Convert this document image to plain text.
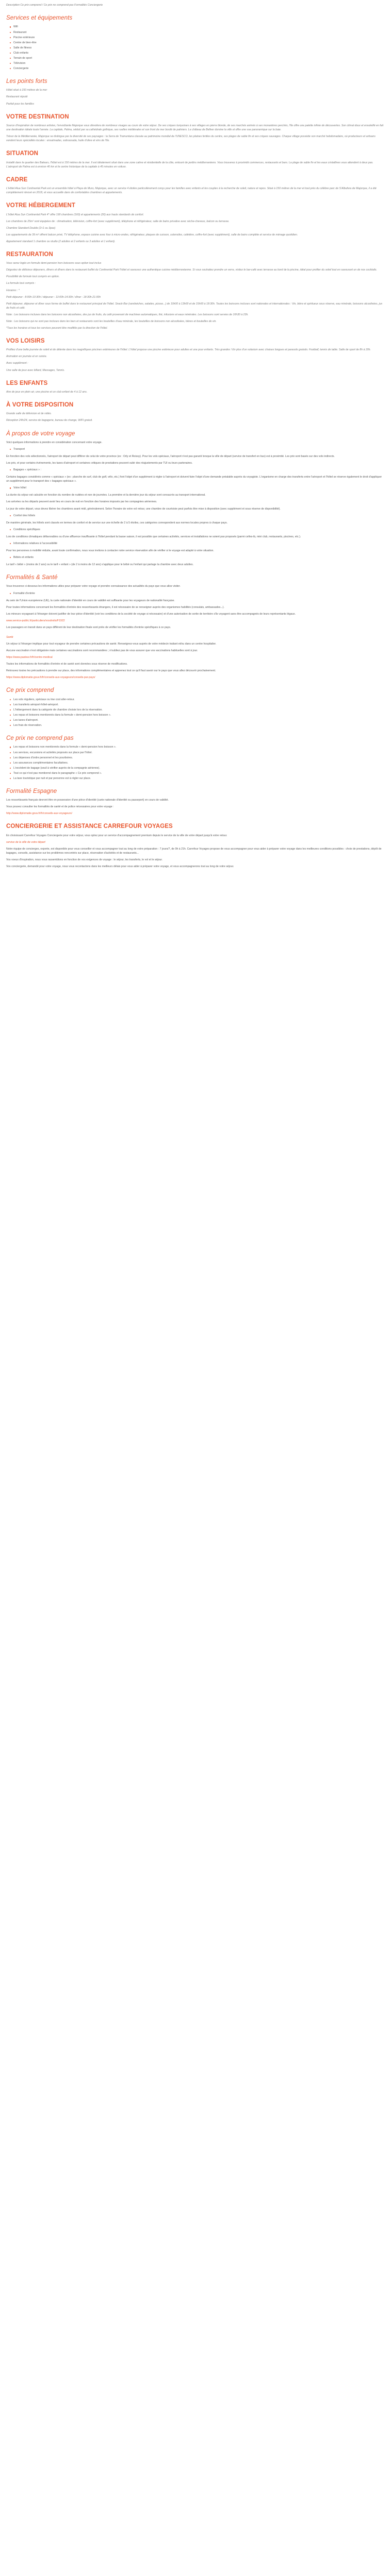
Description Ce prix comprend / Ce prix ne comprend pas Formalités Conciergerie

Services et équipements
Wifi
Restaurant
Piscine extérieure
Centre de bien-être
Salle de fitness
Club enfants
Terrain de sport
Télévision
Conciergerie
Les points forts

Hôtel situé à 150 mètres de la mer

Restaurant réputé

Parfait pour les familles

VOTRE DESTINATION

Source d'inspiration de nombreux artistes, l'envoûtante Majorque vous dévoilera de nombreux visages au cours de votre séjour. De ses criques turquoises à ses villages en pierre blonde, de ses marchés animés à ses monastères perchés, l'île offre une palette infinie de découvertes. Son climat doux et ensoleillé en fait une destination idéale toute l'année. La capitale, Palma, séduit par sa cathédrale gothique, ses ruelles médiévales et son front de mer bordé de palmiers. Le château de Bellver domine la ville et offre une vue panoramique sur la baie.

Trésor de la Méditerranée, Majorque se distingue par la diversité de ses paysages : la Serra de Tramuntana classée au patrimoine mondial de l'UNESCO, les plaines fertiles du centre, ses plages de sable fin et ses criques sauvages. Chaque village possède son marché hebdomadaire, où producteurs et artisans vendent leurs spécialités locales : ensaïmadas, sobrassada, huile d'olive et vins de l'île.

SITUATION

Installé dans le quartier des Balears, l'hôtel est à 150 mètres de la mer. Il est idéalement situé dans une zone calme et résidentielle de la côte, entouré de jardins méditerranéens. Vous trouverez à proximité commerces, restaurants et bars. La plage de sable fin et les eaux cristallines vous attendent à deux pas. L'aéroport de Palma est à environ 40 km et le centre historique de la capitale à 45 minutes en voiture.

CADRE

L'Hôtel Alua Sun Continental Park est un ensemble hôtel à Playa de Muro, Majorque, avec un service 4 étoiles particulièrement conçu pour les familles avec enfants et les couples à la recherche de soleil, nature et repos. Situé à 150 mètres de la mer et tout près du célèbre parc de S'Albufera de Majorque, il a été complètement rénové en 2018, et vous accueille dans de confortables chambres et appartements.

VOTRE HÉBERGEMENT

L'hôtel Alua Sun Continental Park 4* offre 190 chambres (160) et appartements (30) aux hauts standards de confort.

Les chambres de 25m² sont équipées de : climatisation, télévision, coffre-fort (avec supplément), téléphone et réfrigérateur, salle de bains privative avec sèche-cheveux, balcon ou terrasse.

Chambre Standard Double (2+1 ou 3pax)

Les appartements de 39 m² offrent balcon privé, TV téléphone, espace cuisine avec four à micro-ondes, réfrigérateur, plaques de cuisson, ustensiles, cafetière, coffre-fort (avec supplément), salle de bains complète et service de ménage quotidien.

Appartement standard 1 chambre ou studio (2 adultes et 2 enfants ou 3 adultes et 1 enfant).

RESTAURATION

Vous serez logés en formule demi-pension hors boissons sous option tout inclus

Dégustez de délicieux déjeuners, dîners et dîners dans le restaurant buffet du Continental Park l'hôtel et savourez une authentique cuisine méditerranéenne. Si vous souhaitez prendre un verre, visitez le bar-café avec terrasse au bord de la piscine, idéal pour profiter du soleil tout en savourant un de nos cocktails.

Possibilité de formule tout compris en option.

La formule tout compris :

Horaires : *

Petit déjeuner : 8:00h-10:30h / déjeuner : 13:00h-14:30h / dîner : 18:30h-21:00h

Petit déjeuner, déjeuner et dîner sous forme de buffet dans le restaurant principal de l'hôtel. Snack-Bar (sandwiches, salades, pizzas...) de 10h00 à 13h00 et de 15h00 à 18:30h. Toutes les boissons incluses sont nationales et internationales : Vin, bière et spiritueux sous réserve, eau minérale, boissons alcoolisées, jus de fruits et café.

Note : Les boissons incluses dans les boissons non alcoolisées, des jus de fruits, du café provenant de machines automatiques, thé, infusions et eaux minérales. Les boissons sont servies de 10h30 à 23h.

Note : Les boissons qui ne sont pas incluses dans les bars et restaurants sont les bouteilles d'eau minérale, les bouteilles de boissons non alcoolisées, bières et bouteilles de vin.

*Tous les horaires et tous les services peuvent être modifiés par la direction de l'hôtel.

VOS LOISIRS

Profitez d'une belle journée de soleil et de détente dans les magnifiques piscines extérieures de l'hôtel. L'hôtel propose une piscine extérieure pour adultes et une pour enfants. Très grandes ! En plus d'un solarium avec chaises longues et parasols gratuits. Football, tennis de table. Salle de sport de 8h à 20h.

Animation en journée et en soirée.

Avec supplément :

Une salle de jeux avec billard, Massages, Tennis.

LES ENFANTS

Aire de jeux en plein air, une piscine et un club enfant de 4 à 12 ans.

À VOTRE DISPOSITION

Grande salle de télévision et de vidéo.

Réception 24h/24, service de bagagerie, bureau de change, WIFI gratuit.

À propos de votre voyage

Voici quelques informations à prendre en considération concernant votre voyage.

Transport

En fonction des vols sélectionnés, l'aéroport de départ peut différer de celui de votre province (ex : Orly et Roissy). Pour les vols spéciaux, l'aéroport n'est pas garanti lorsque la ville de départ (service de transfert en bus) est à proximité. Les prix sont basés sur des vols indirects.

Les prix, et pour certains événements, les taxes d'aéroport et certaines critiques de prestations peuvent subir des réajustements par TUI ou leurs partenaires.

Bagages « spéciaux » :

Certains bagages considérés comme « spéciaux » (ex : planche de surf, club de golf, vélo, etc.) font l'objet d'un supplément à régler à l'aéroport et doivent faire l'objet d'une demande préalable auprès du voyagiste. L'organisme en charge des transferts entre l'aéroport et l'hôtel se réserve également le droit d'appliquer un supplément pour le transport des « bagages spéciaux ».

Votre hôtel

La durée du séjour est calculée en fonction du nombre de nuitées et non de journées. La première et la dernière jour du séjour sont consacrés au transport international.

Les arrivées ou les départs peuvent avoir lieu en cours de nuit en fonction des horaires imposés par les compagnies aériennes.

Le jour de votre départ, vous devez libérer les chambres avant midi, généralement. Selon l'horaire de votre vol retour, une chambre de courtoisie peut parfois être mise à disposition (avec supplément et sous réserve de disponibilité).

Confort des hôtels

De manière générale, les hôtels sont classés en termes de confort et de service sur une échelle de 2 à 5 étoiles, ces catégories correspondent aux normes locales propres à chaque pays.

Conditions spécifiques

Lors de conditions climatiques défavorables ou d'une affluence insuffisante à l'hôtel pendant la basse saison, il est possible que certaines activités, services et installations ne soient pas proposés (parmi celles-là, mini club, restaurants, piscines, etc.).

Informations relatives à l'accessibilité

Pour les personnes à mobilité réduite, avant toute confirmation, nous vous invitons à contacter notre service réservation afin de vérifier si le voyage est adapté à votre situation.

Bébés et enfants

Le tarif « bébé » (moins de 2 ans) ou le tarif « enfant » (de 2 à moins de 12 ans) s'applique pour le bébé ou l'enfant qui partage la chambre avec deux adultes.

Formalités & Santé

Vous trouverez ci-dessous les informations utiles pour préparer votre voyage et prendre connaissance des actualités du pays que vous allez visiter.

Formalité d'entrée

Au sein de l'Union européenne (UE), la carte nationale d'identité en cours de validité est suffisante pour les voyageurs de nationalité française.

Pour toutes informations concernant les formalités d'entrée des ressortissants étrangers, il est nécessaire de se renseigner auprès des organismes habilités (consulats, ambassades...).

Les mineurs voyageant à l'étranger doivent justifier de leur pièce d'identité (voir les conditions de la société de voyage si nécessaire) et d'une autorisation de sortie de territoire s'ils voyagent sans être accompagnés de leurs représentants légaux.

www.service-public.fr/particuliers/vosdroits/F1922

Les passagers en transit dans un pays différent de leur destination finale sont priés de vérifier les formalités d'entrée spécifiques à ce pays.

Santé

Un séjour à l'étranger implique pour tout voyageur de prendre certaines précautions de santé. Renseignez-vous auprès de votre médecin traitant et/ou dans un centre hospitalier.

Aucune vaccination n'est obligatoire mais certaines vaccinations sont recommandées ; n'oubliez pas de vous assurer que vos vaccinations habituelles sont à jour.

https://www.pasteur.fr/fr/centre-medical

Toutes les informations de formalités d'entrée et de santé sont données sous réserve de modifications.

Retrouvez toutes les précautions à prendre sur place, des informations complémentaires et apprenez tout ce qu'il faut savoir sur le pays que vous allez découvrir prochainement.

https://www.diplomatie.gouv.fr/fr/conseils-aux-voyageurs/conseils-par-pays/

Ce prix comprend
Les vols réguliers, spéciaux ou low cost aller-retour.
Les transferts aéroport-hôtel-aéroport.
L'hébergement dans la catégorie de chambre choisie lors de la réservation.
Les repas et boissons mentionnés dans la formule « demi-pension hors boisson ».
Les taxes d'aéroport.
Les frais de réservation.
Ce prix ne comprend pas
Les repas et boissons non mentionnés dans la formule « demi-pension hors boisson ».
Les services, excursions et activités proposés sur place par l'hôtel.
Les dépenses d'ordre personnel et les pourboires.
Les assurances complémentaires facultatives.
L'excédent de bagage (seuil à vérifier auprès de la compagnie aérienne).
Tout ce qui n'est pas mentionné dans le paragraphe « Ce prix comprend ».
La taxe touristique par nuit et par personne est à régler sur place.
Formalité Espagne

Les ressortissants français devront être en possession d'une pièce d'identité (carte nationale d'identité ou passeport) en cours de validité.

Vous pouvez consulter les formalités de santé et de police nécessaires pour votre voyage :

http://www.diplomatie.gouv.fr/fr/conseils-aux-voyageurs/

CONCIERGERIE ET ASSISTANCE CARREFOUR VOYAGES

En choisissant Carrefour Voyages Conciergerie pour votre séjour, vous optez pour un service d'accompagnement premium depuis le service de la ville de votre départ jusqu'à votre retour.

service de la ville de votre départ

Notre équipe de concierges, experte, est disponible pour vous conseiller et vous accompagner tout au long de votre préparation : 7 jours/7, de 9h à 21h. Carrefour Voyages propose de vous accompagner pour vous aider à préparer votre voyage dans les meilleures conditions possibles : choix de prestations, dépôt de bagages, conseils, assistance sur les problèmes rencontrés sur place, réservation d'activités et de restaurants...

Vos voeux d'inspiration, nous vous rassemblons en fonction de vos exigences de voyage : le séjour, les transferts, le vol et le séjour.

Vos conciergerie, demandé pour votre voyage, nous vous recontactons dans les meilleurs délais pour vous aider à préparer votre voyage, et vous accompagnerons tout au long de votre séjour.
